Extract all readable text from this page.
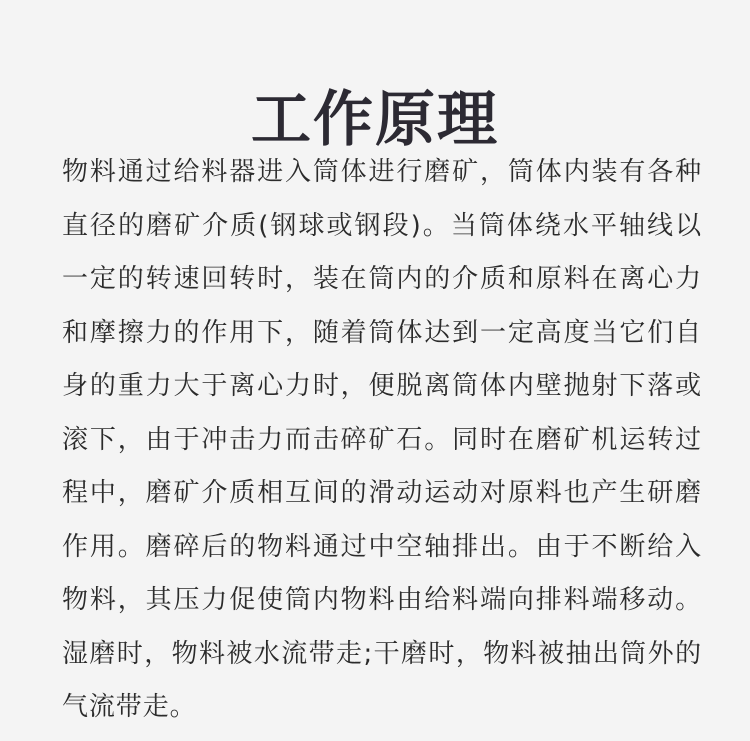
工作原理

物料通过给料器进入筒体进行磨矿，筒体内装有各种直径的磨矿介质(钢球或钢段)。当筒体绕水平轴线以一定的转速回转时，装在筒内的介质和原料在离心力和摩擦力的作用下，随着筒体达到一定高度当它们自身的重力大于离心力时，便脱离筒体内壁抛射下落或滚下，由于冲击力而击碎矿石。同时在磨矿机运转过程中，磨矿介质相互间的滑动运动对原料也产生研磨作用。磨碎后的物料通过中空轴排出。由于不断给入物料，其压力促使筒内物料由给料端向排料端移动。湿磨时，物料被水流带走;干磨时，物料被抽出筒外的气流带走。
